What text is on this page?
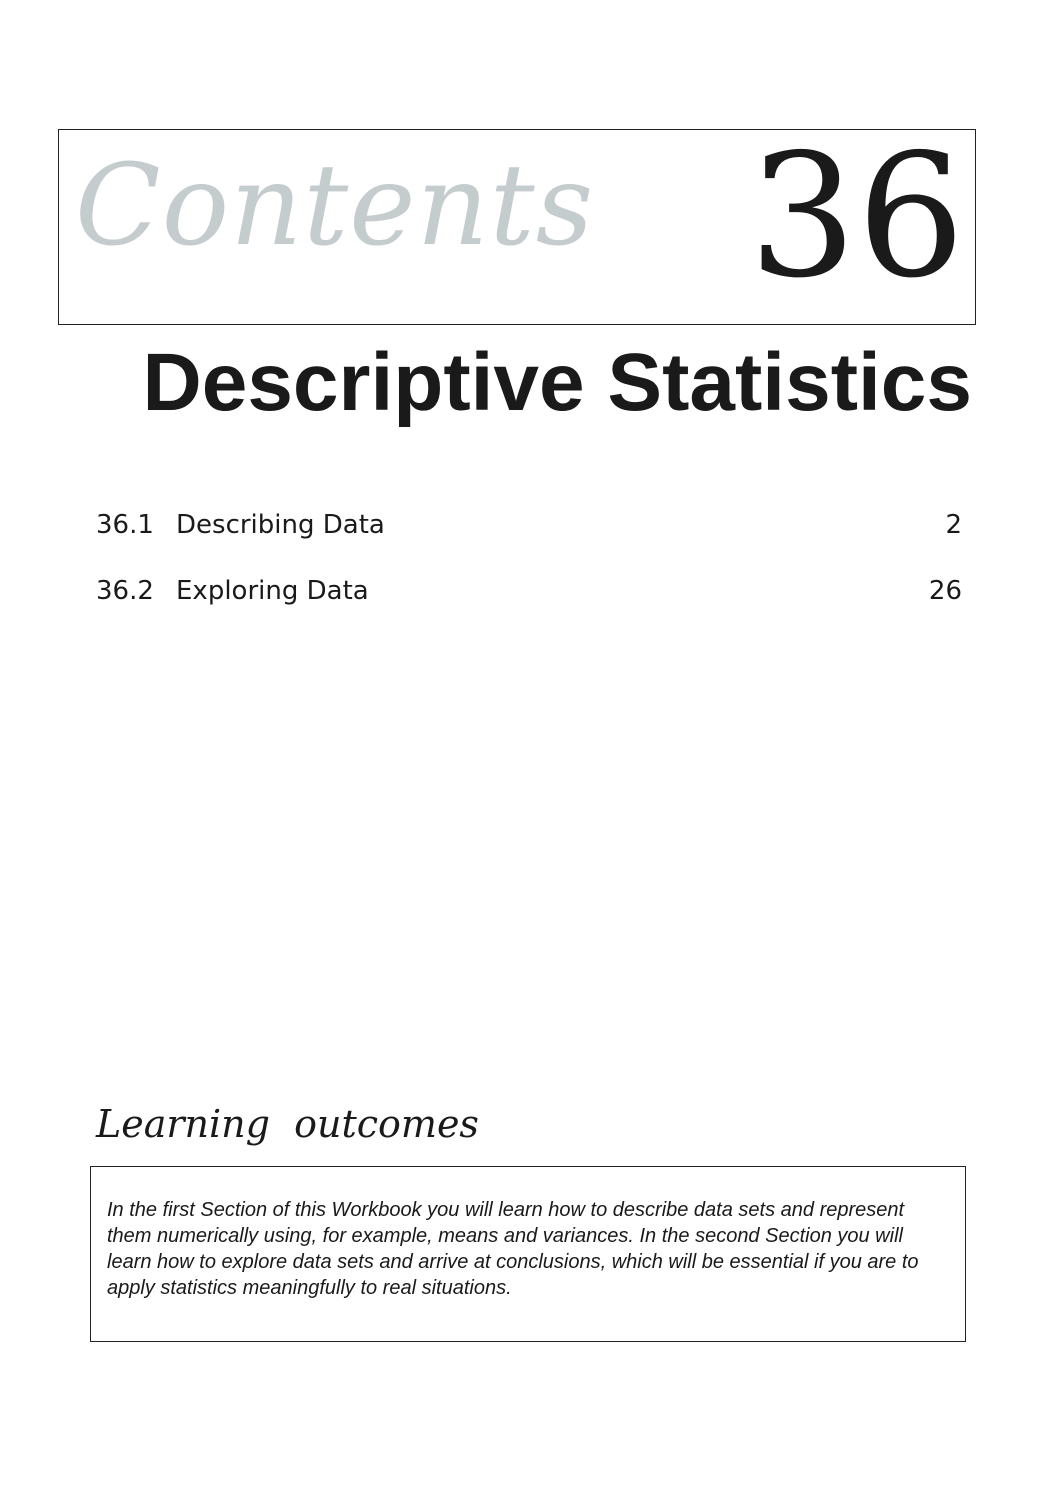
Contents 36
Descriptive Statistics
36.1 Describing Data	2
36.2 Exploring Data	26
Learning  outcomes

In the first Section of this Workbook you will learn how to describe data sets and represent them numerically using, for example, means and variances. In the second Section you will learn how to explore data sets and arrive at conclusions, which will be essential if you are to apply statistics meaningfully to real situations.
